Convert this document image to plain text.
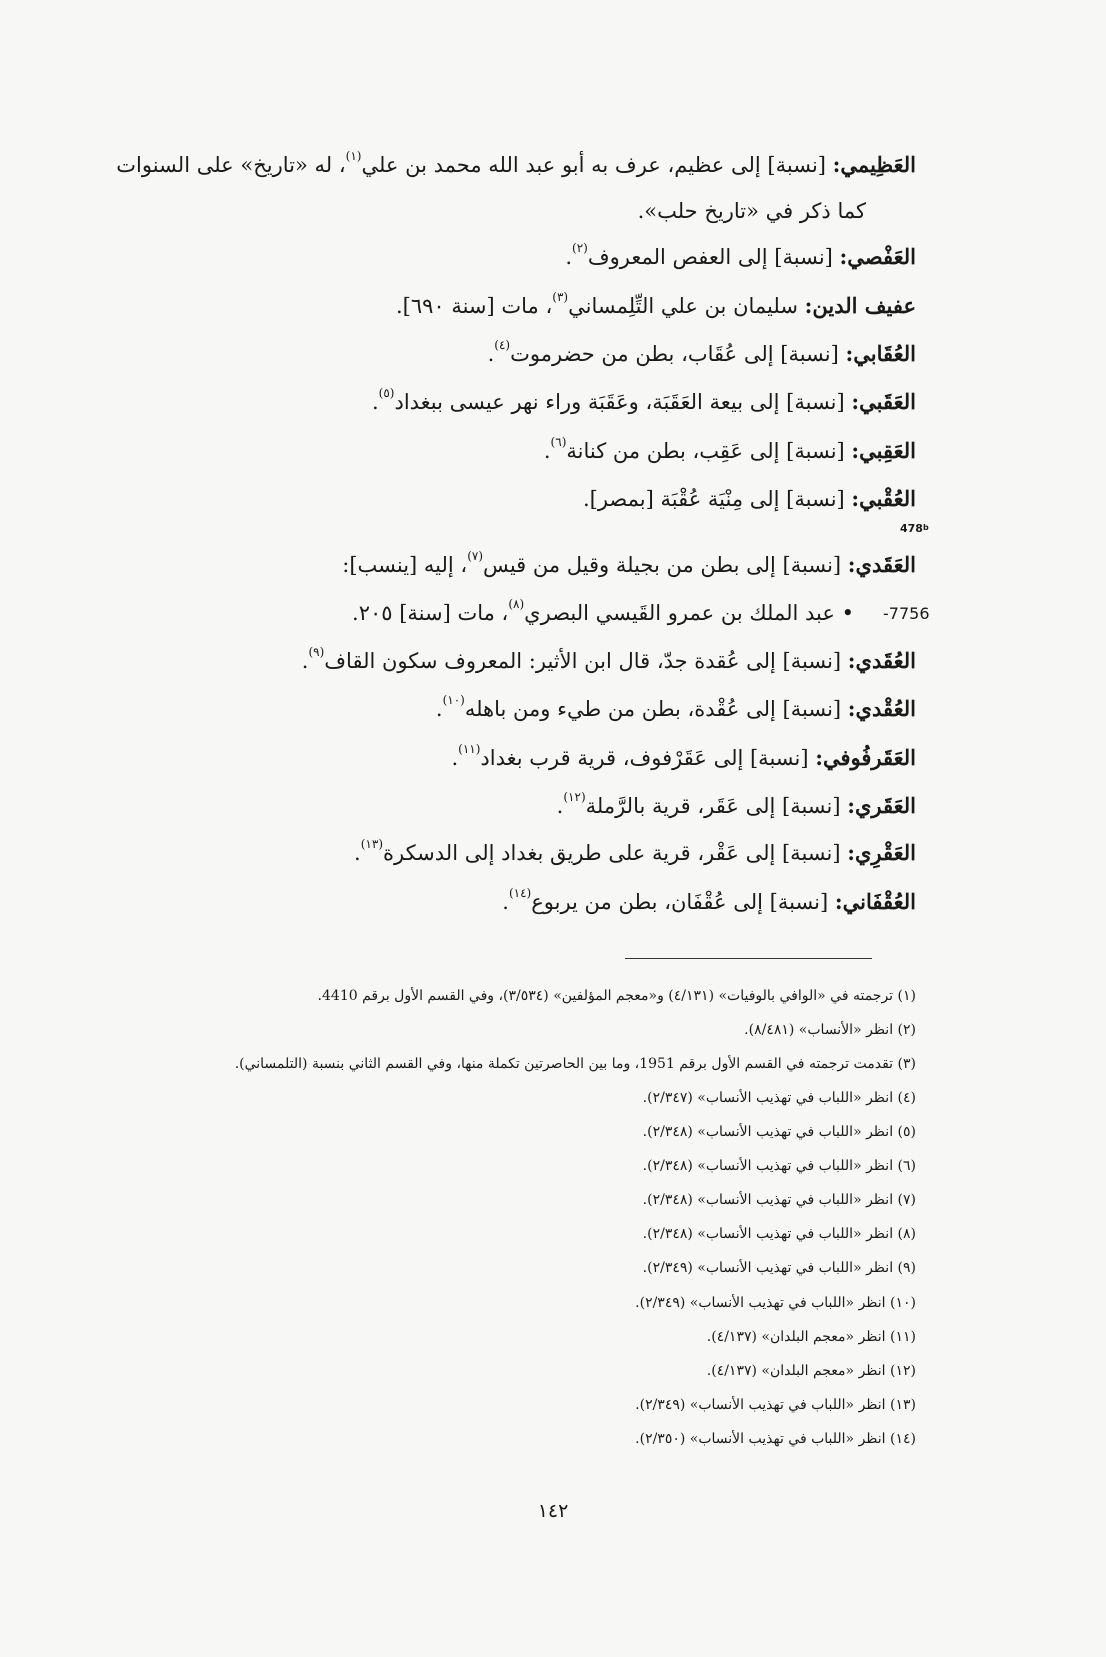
العَظِيمي: [نسبة] إلى عظيم، عرف به أبو عبد الله محمد بن علي$^{(١)}$، له «تاريخ» على السنوات
كما ذكر في «تاريخ حلب».
العَفْصي: [نسبة] إلى العفص المعروف$^{(٢)}$.
عفيف الدين: سليمان بن علي التِّلِمساني$^{(٣)}$، مات [سنة ٦٩٠].
العُقَابي: [نسبة] إلى عُقَاب، بطن من حضرموت$^{(٤)}$.
العَقَبي: [نسبة] إلى بيعة العَقَبَة، وعَقَبَة وراء نهر عيسى ببغداد$^{(٥)}$.
العَقِبي: [نسبة] إلى عَقِب، بطن من كنانة$^{(٦)}$.
العُقْبي: [نسبة] إلى مِنْيَة عُقْبَة [بمصر].
478$^b$
العَقَدي: [نسبة] إلى بطن من بجيلة وقيل من قيس$^{(٧)}$، إليه [ينسب]:
-7756
• عبد الملك بن عمرو القَيسي البصري$^{(٨)}$، مات [سنة] ٢٠٥.
العُقَدي: [نسبة] إلى عُقدة جدّ، قال ابن الأثير: المعروف سكون القاف$^{(٩)}$.
العُقْدي: [نسبة] إلى عُقْدة، بطن من طيء ومن باهله$^{(١٠)}$.
العَقَرفُوفي: [نسبة] إلى عَقَرْفوف، قرية قرب بغداد$^{(١١)}$.
العَقَري: [نسبة] إلى عَقَر، قرية بالرَّملة$^{(١٢)}$.
العَقْرِي: [نسبة] إلى عَقْر، قرية على طريق بغداد إلى الدسكرة$^{(١٣)}$.
العُقْفَاني: [نسبة] إلى عُقْفَان، بطن من يربوع$^{(١٤)}$.
(١) ترجمته في «الوافي بالوفيات» (٤/١٣١) و«معجم المؤلفين» (٣/٥٣٤)، وفي القسم الأول برقم 4410.
(٢) انظر «الأنساب» (٨/٤٨١).
(٣) تقدمت ترجمته في القسم الأول برقم 1951، وما بين الحاصرتين تكملة منها، وفي القسم الثاني بنسبة (التلمساني).
(٤) انظر «اللباب في تهذيب الأنساب» (٢/٣٤٧).
(٥) انظر «اللباب في تهذيب الأنساب» (٢/٣٤٨).
(٦) انظر «اللباب في تهذيب الأنساب» (٢/٣٤٨).
(٧) انظر «اللباب في تهذيب الأنساب» (٢/٣٤٨).
(٨) انظر «اللباب في تهذيب الأنساب» (٢/٣٤٨).
(٩) انظر «اللباب في تهذيب الأنساب» (٢/٣٤٩).
(١٠) انظر «اللباب في تهذيب الأنساب» (٢/٣٤٩).
(١١) انظر «معجم البلدان» (٤/١٣٧).
(١٢) انظر «معجم البلدان» (٤/١٣٧).
(١٣) انظر «اللباب في تهذيب الأنساب» (٢/٣٤٩).
(١٤) انظر «اللباب في تهذيب الأنساب» (٢/٣٥٠).
١٤٢
